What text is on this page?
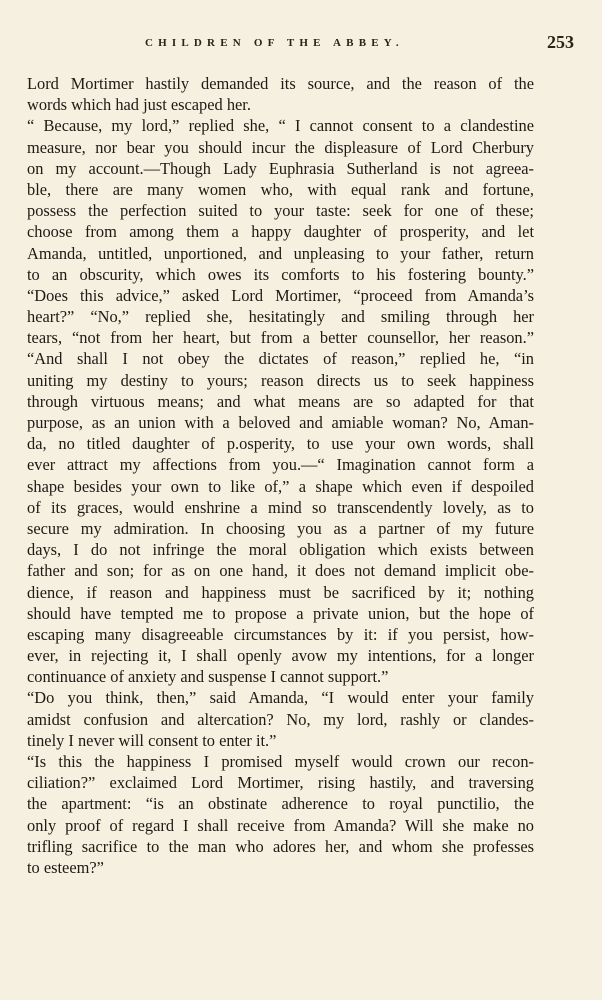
CHILDREN OF THE ABBEY.	253
Lord Mortimer hastily demanded its source, and the reason of the
words which had just escaped her.
“ Because, my lord,” replied she, “ I cannot consent to a clandestine
measure, nor bear you should incur the displeasure of Lord Cherbury
on my account.—Though Lady Euphrasia Sutherland is not agreea-
ble, there are many women who, with equal rank and fortune,
possess the perfection suited to your taste: seek for one of these;
choose from among them a happy daughter of prosperity, and let
Amanda, untitled, unportioned, and unpleasing to your father, return
to an obscurity, which owes its comforts to his fostering bounty.”
“Does this advice,” asked Lord Mortimer, “proceed from Amanda’s
heart?” “No,” replied she, hesitatingly and smiling through her
tears, “not from her heart, but from a better counsellor, her reason.”
“And shall I not obey the dictates of reason,” replied he, “in
uniting my destiny to yours; reason directs us to seek happiness
through virtuous means; and what means are so adapted for that
purpose, as an union with a beloved and amiable woman? No, Aman-
da, no titled daughter of p.osperity, to use your own words, shall
ever attract my affections from you.—“ Imagination cannot form a
shape besides your own to like of,” a shape which even if despoiled
of its graces, would enshrine a mind so transcendently lovely, as to
secure my admiration. In choosing you as a partner of my future
days, I do not infringe the moral obligation which exists between
father and son; for as on one hand, it does not demand implicit obe-
dience, if reason and happiness must be sacrificed by it; nothing
should have tempted me to propose a private union, but the hope of
escaping many disagreeable circumstances by it: if you persist, how-
ever, in rejecting it, I shall openly avow my intentions, for a longer
continuance of anxiety and suspense I cannot support.”
“Do you think, then,” said Amanda, “I would enter your family
amidst confusion and altercation? No, my lord, rashly or clandes-
tinely I never will consent to enter it.”
“Is this the happiness I promised myself would crown our recon-
ciliation?” exclaimed Lord Mortimer, rising hastily, and traversing
the apartment: “is an obstinate adherence to royal punctilio, the
only proof of regard I shall receive from Amanda? Will she make no
trifling sacrifice to the man who adores her, and whom she professes
to esteem?”
